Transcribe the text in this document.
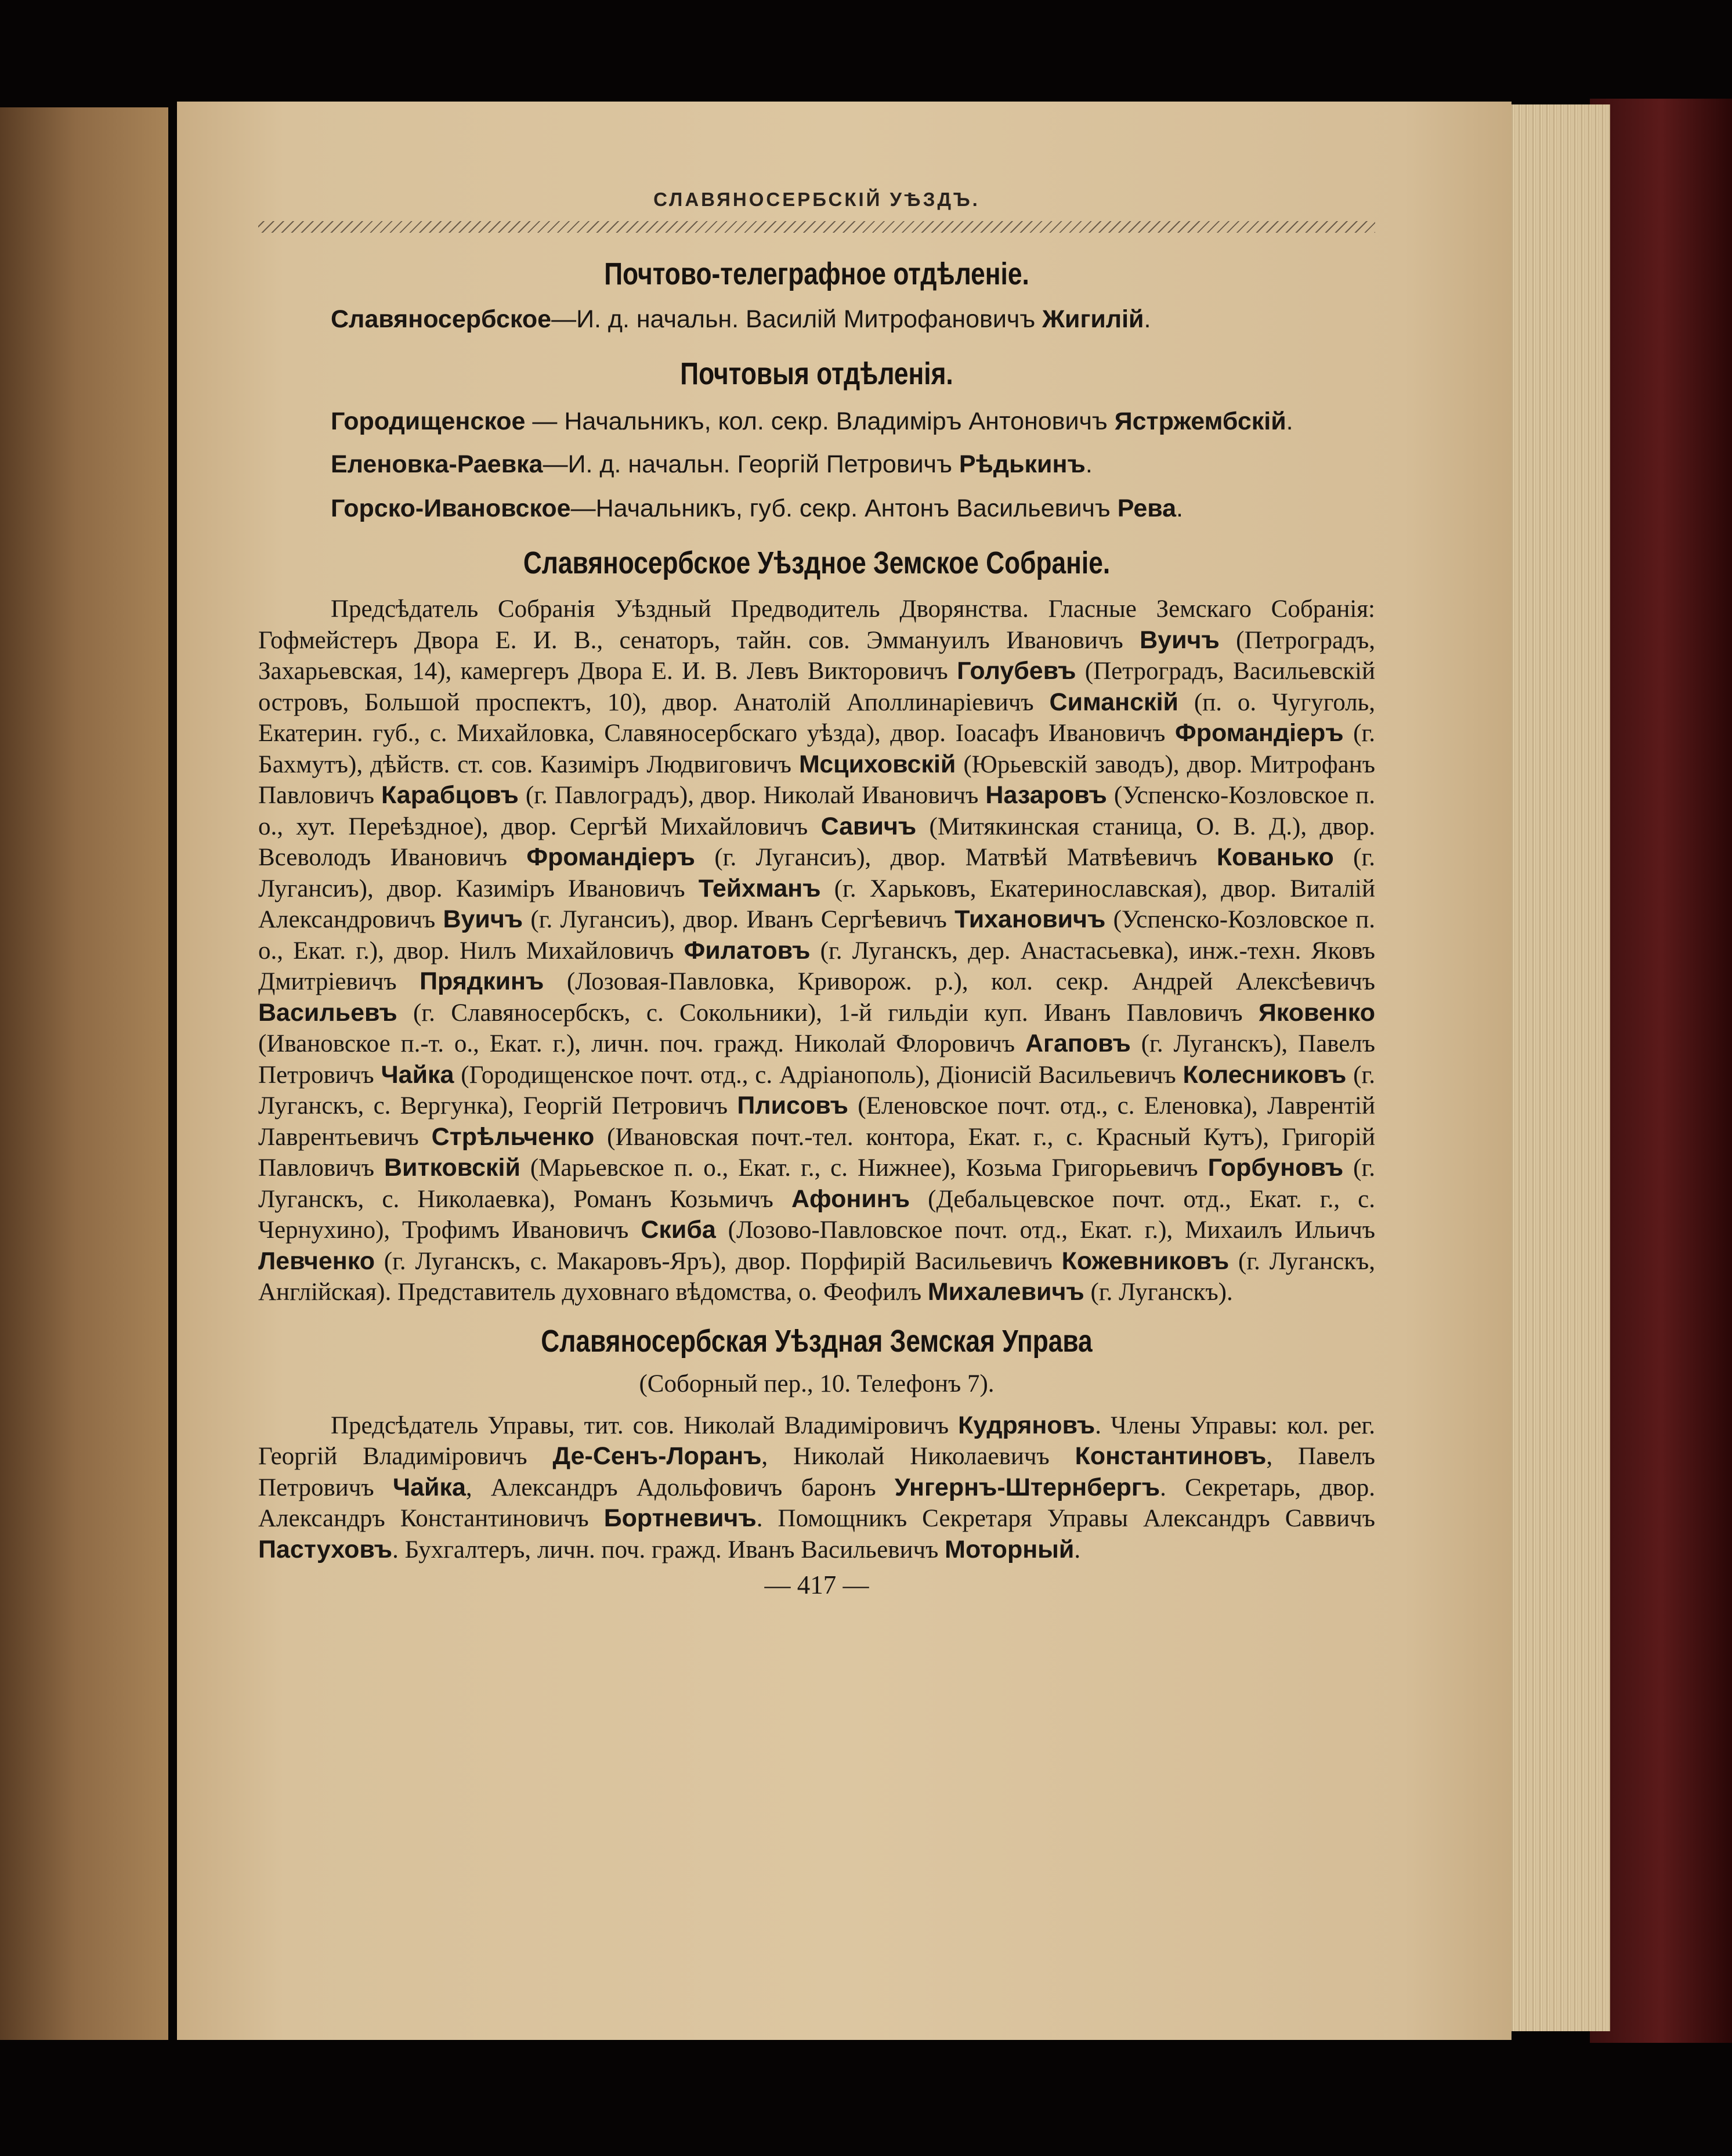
СЛАВЯНОСЕРБСКІЙ УѢЗДЪ.
Почтово-телеграфное отдѣленіе.

Славяносербское—И. д. начальн. Василій Митрофановичъ Жигилій.

Почтовыя отдѣленія.

Городищенское — Начальникъ, кол. секр. Владиміръ Антоновичъ Ястржембскій.

Еленовка-Раевка—И. д. начальн. Георгій Петровичъ Рѣдькинъ.

Горско-Ивановское—Начальникъ, губ. секр. Антонъ Васильевичъ Рева.

Славяносербское Уѣздное Земское Собраніе.

Предсѣдатель Собранія Уѣздный Предводитель Дворянства. Гласные Земскаго Собранія: Гофмейстеръ Двора Е. И. В., сенаторъ, тайн. сов. Эммануилъ Ивановичъ Вуичъ (Петроградъ, Захарьевская, 14), камергеръ Двора Е. И. В. Левъ Викторовичъ Голубевъ (Петроградъ, Васильевскій островъ, Большой проспектъ, 10), двор. Анатолій Аполлинаріевичъ Симанскій (п. о. Чугуголь, Екатерин. губ., с. Михайловка, Славяносербскаго уѣзда), двор. Іоасафъ Ивановичъ Фромандіеръ (г. Бахмутъ), дѣйств. ст. сов. Казиміръ Людвиговичъ Мсциховскій (Юрьевскій заводъ), двор. Митрофанъ Павловичъ Карабцовъ (г. Павлоградъ), двор. Николай Ивановичъ Назаровъ (Успенско-Козловское п. о., хут. Переѣздное), двор. Сергѣй Михайловичъ Савичъ (Митякинская станица, О. В. Д.), двор. Всеволодъ Ивановичъ Фромандіеръ (г. Лугансиъ), двор. Матвѣй Матвѣевичъ Ковань​ко (г. Лугансиъ), двор. Казиміръ Ивановичъ Тейхманъ (г. Харьковъ, Екатеринославская), двор. Виталій Александровичъ Вуичъ (г. Лугансиъ), двор. Иванъ Сергѣевичъ Тихановичъ (Успенско-Козловское п. о., Екат. г.), двор. Нилъ Михайловичъ Филатовъ (г. Луганскъ, дер. Анастасьевка), инж.-техн. Яковъ Дмитріевичъ Прядкинъ (Лозовая-Павловка, Криворож. р.), кол. секр. Андрей Алексѣевичъ Васильевъ (г. Славяносербскъ, с. Сокольники), 1-й гильдіи куп. Иванъ Павловичъ Яковенко (Ивановское п.-т. о., Екат. г.), личн. поч. гражд. Николай Флоровичъ Агаповъ (г. Луганскъ), Павелъ Петровичъ Чайка (Городищенское почт. отд., с. Адріанополь), Діонисій Васильевичъ Колесниковъ (г. Луганскъ, с. Вергунка), Георгій Петровичъ Плисовъ (Еленовское почт. отд., с. Еленовка), Лаврентій Лаврентьевичъ Стрѣльченко (Ивановская почт.-тел. контора, Екат. г., с. Красный Кутъ), Григорій Павловичъ Витковскій (Марьевское п. о., Екат. г., с. Нижнее), Козьма Григорьевичъ Горбуновъ (г. Луганскъ, с. Николаевка), Романъ Козьмичъ Афонинъ (Дебальцевское почт. отд., Екат. г., с. Чернухино), Трофимъ Ивановичъ Скиба (Лозово-Павловское почт. отд., Екат. г.), Михаилъ Ильичъ Левченко (г. Луганскъ, с. Макаровъ-Яръ), двор. Порфирій Васильевичъ Кожевниковъ (г. Луганскъ, Англійская). Представитель духовнаго вѣдомства, о. Феофилъ Михалевичъ (г. Луганскъ).

Славяносербская Уѣздная Земская Управа

(Соборный пер., 10. Телефонъ 7).

Предсѣдатель Управы, тит. сов. Николай Владиміровичъ Кудряновъ. Члены Управы: кол. рег. Георгій Владиміровичъ Де-Сенъ-Лоранъ, Николай Николаевичъ Константиновъ, Павелъ Петровичъ Чайка, Александръ Адольфовичъ баронъ Унгернъ-Штернбергъ. Секретарь, двор. Александръ Константиновичъ Бортневичъ. Помощникъ Секретаря Управы Александръ Саввичъ Пастуховъ. Бухгалтеръ, личн. поч. гражд. Иванъ Васильевичъ Моторный.

— 417 —
